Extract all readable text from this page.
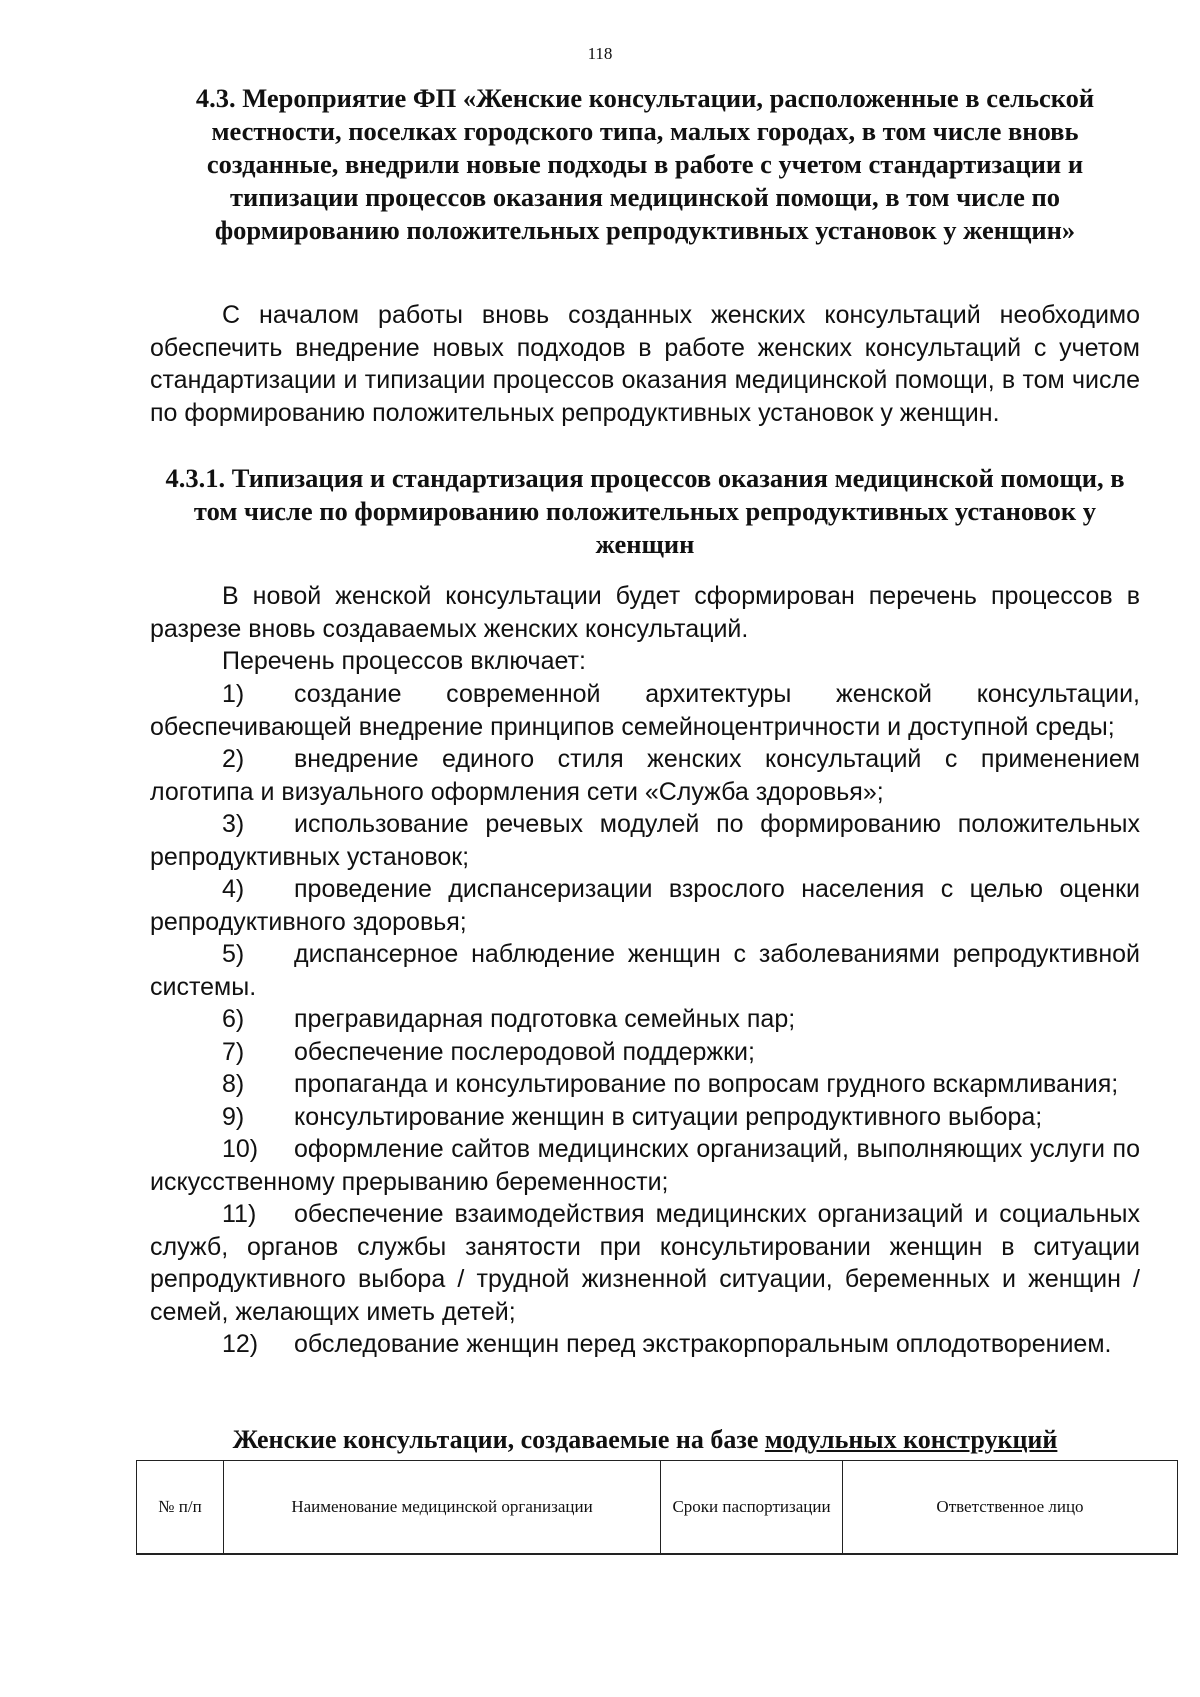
118
4.3. Мероприятие ФП «Женские консультации, расположенные в сельской местности, поселках городского типа, малых городах, в том числе вновь созданные, внедрили новые подходы в работе с учетом стандартизации и типизации процессов оказания медицинской помощи, в том числе по формированию положительных репродуктивных установок у женщин»
С началом работы вновь созданных женских консультаций необходимо обеспечить внедрение новых подходов в работе женских консультаций с учетом стандартизации и типизации процессов оказания медицинской помощи, в том числе по формированию положительных репродуктивных установок у женщин.
4.3.1. Типизация и стандартизация процессов оказания медицинской помощи, в том числе по формированию положительных репродуктивных установок у женщин
В новой женской консультации будет сформирован перечень процессов в разрезе вновь создаваемых женских консультаций.
Перечень процессов включает:
1) создание современной архитектуры женской консультации, обеспечивающей внедрение принципов семейноцентричности и доступной среды;
2) внедрение единого стиля женских консультаций с применением логотипа и визуального оформления сети «Служба здоровья»;
3) использование речевых модулей по формированию положительных репродуктивных установок;
4) проведение диспансеризации взрослого населения с целью оценки репродуктивного здоровья;
5) диспансерное наблюдение женщин с заболеваниями репродуктивной системы.
6) прегравидарная подготовка семейных пар;
7) обеспечение послеродовой поддержки;
8) пропаганда и консультирование по вопросам грудного вскармливания;
9) консультирование женщин в ситуации репродуктивного выбора;
10) оформление сайтов медицинских организаций, выполняющих услуги по искусственному прерыванию беременности;
11) обеспечение взаимодействия медицинских организаций и социальных служб, органов службы занятости при консультировании женщин в ситуации репродуктивного выбора / трудной жизненной ситуации, беременных и женщин / семей, желающих иметь детей;
12) обследование женщин перед экстракорпоральным оплодотворением.
Женские консультации, создаваемые на базе модульных конструкций
№ п/п	Наименование медицинской организации	Сроки паспортизации	Ответственное лицо
